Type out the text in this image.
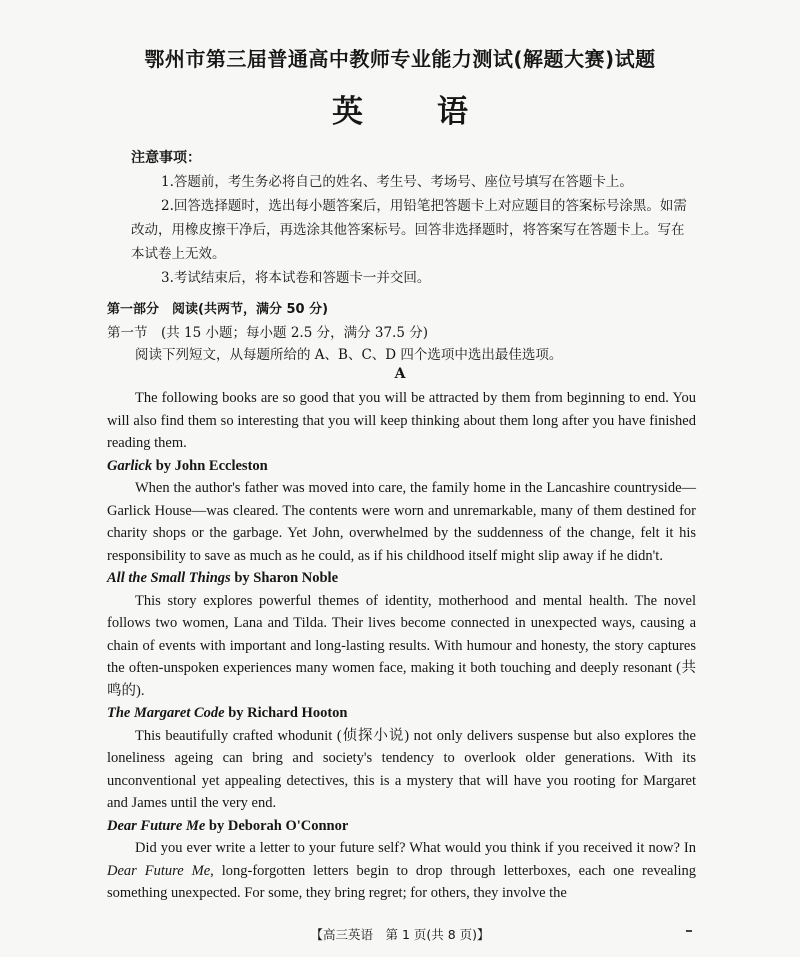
鄂州市第三届普通高中教师专业能力测试(解题大赛)试题
英 语
注意事项：
1.答题前，考生务必将自己的姓名、考生号、考场号、座位号填写在答题卡上。
2.回答选择题时，选出每小题答案后，用铅笔把答题卡上对应题目的答案标号涂黑。如需改动，用橡皮擦干净后，再选涂其他答案标号。回答非选择题时，将答案写在答题卡上。写在本试卷上无效。
3.考试结束后，将本试卷和答题卡一并交回。
第一部分　阅读(共两节，满分 50 分)
第一节　(共 15 小题；每小题 2.5 分，满分 37.5 分)
阅读下列短文，从每题所给的 A、B、C、D 四个选项中选出最佳选项。
A

The following books are so good that you will be attracted by them from beginning to end. You will also find them so interesting that you will keep thinking about them long after you have finished reading them.

Garlick by John Eccleston

When the author's father was moved into care, the family home in the Lancashire countryside—Garlick House—was cleared. The contents were worn and unremarkable, many of them destined for charity shops or the garbage. Yet John, overwhelmed by the suddenness of the change, felt it his responsibility to save as much as he could, as if his childhood itself might slip away if he didn't.

All the Small Things by Sharon Noble

This story explores powerful themes of identity, motherhood and mental health. The novel follows two women, Lana and Tilda. Their lives become connected in unexpected ways, causing a chain of events with important and long-lasting results. With humour and honesty, the story captures the often-unspoken experiences many women face, making it both touching and deeply resonant (共鸣的).

The Margaret Code by Richard Hooton

This beautifully crafted whodunit (侦探小说) not only delivers suspense but also explores the loneliness ageing can bring and society's tendency to overlook older generations. With its unconventional yet appealing detectives, this is a mystery that will have you rooting for Margaret and James until the very end.

Dear Future Me by Deborah O'Connor

Did you ever write a letter to your future self? What would you think if you received it now? In Dear Future Me, long-forgotten letters begin to drop through letterboxes, each one revealing something unexpected. For some, they bring regret; for others, they involve the

【高三英语　第 1 页(共 8 页)】
